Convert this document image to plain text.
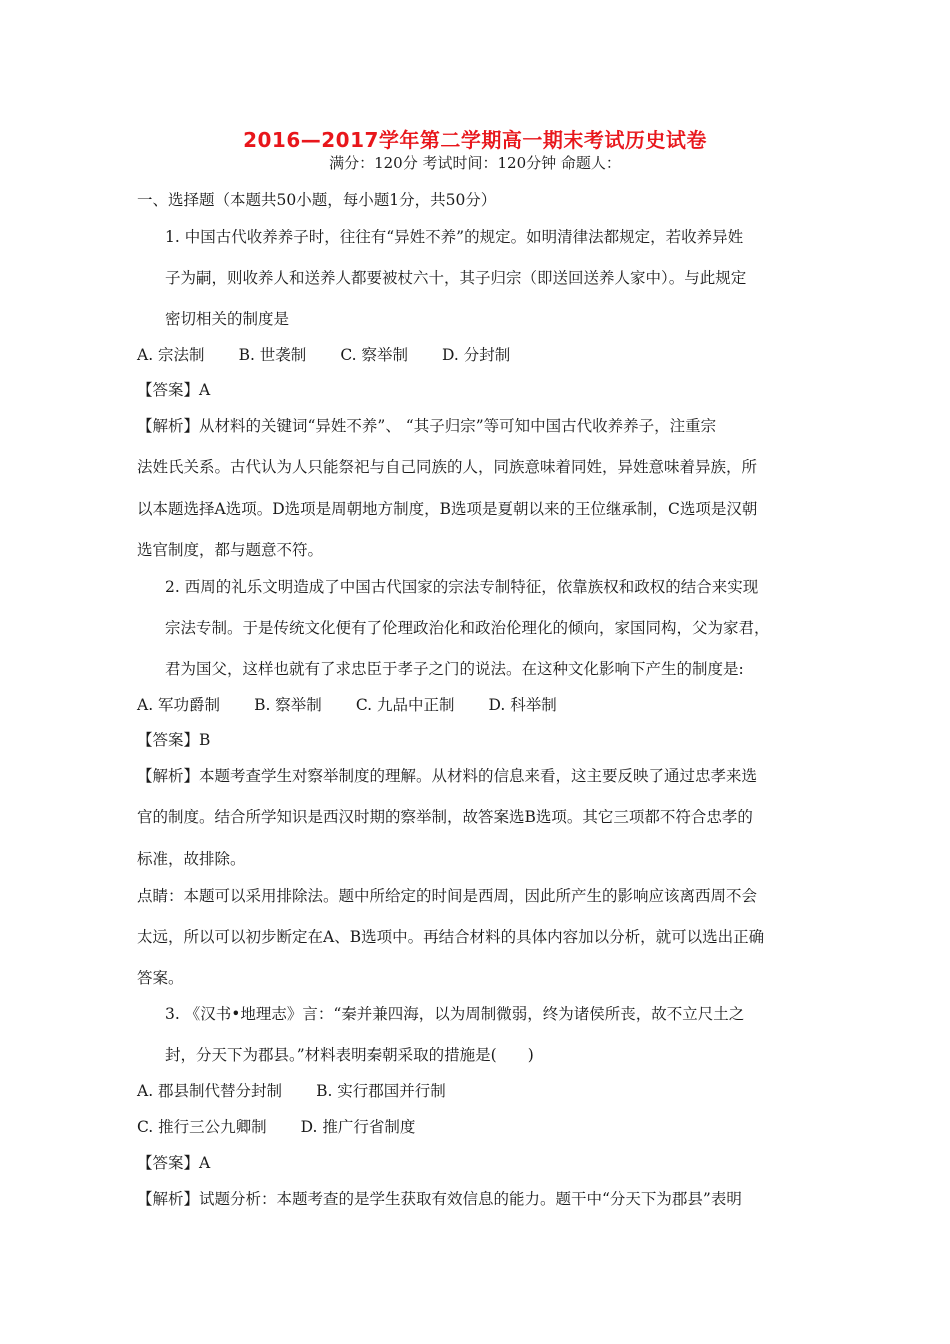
2016—2017学年第二学期高一期末考试历史试卷
满分：120分 考试时间：120分钟 命题人：
一、选择题（本题共50小题，每小题1分，共50分）
1. 中国古代收养养子时，往往有“异姓不养”的规定。如明清律法都规定，若收养异姓
子为嗣，则收养人和送养人都要被杖六十，其子归宗（即送回送养人家中）。与此规定
密切相关的制度是
A. 宗法制 B. 世袭制 C. 察举制 D. 分封制
【答案】A
【解析】从材料的关键词“异姓不养”、 “其子归宗”等可知中国古代收养养子，注重宗
法姓氏关系。古代认为人只能祭祀与自己同族的人，同族意味着同姓，异姓意味着异族，所
以本题选择A选项。D选项是周朝地方制度，B选项是夏朝以来的王位继承制，C选项是汉朝
选官制度，都与题意不符。
2. 西周的礼乐文明造成了中国古代国家的宗法专制特征，依靠族权和政权的结合来实现
宗法专制。于是传统文化便有了伦理政治化和政治伦理化的倾向，家国同构，父为家君，
君为国父，这样也就有了求忠臣于孝子之门的说法。在这种文化影响下产生的制度是:
A. 军功爵制 B. 察举制 C. 九品中正制 D. 科举制
【答案】B
【解析】本题考查学生对察举制度的理解。从材料的信息来看，这主要反映了通过忠孝来选
官的制度。结合所学知识是西汉时期的察举制，故答案选B选项。其它三项都不符合忠孝的
标准，故排除。
点睛：本题可以采用排除法。题中所给定的时间是西周，因此所产生的影响应该离西周不会
太远，所以可以初步断定在A、B选项中。再结合材料的具体内容加以分析，就可以选出正确
答案。
3. 《汉书•地理志》言：“秦并兼四海，以为周制微弱，终为诸侯所丧，故不立尺土之
封，分天下为郡县。”材料表明秦朝采取的措施是(　　)
A. 郡县制代替分封制 B. 实行郡国并行制
C. 推行三公九卿制 D. 推广行省制度
【答案】A
【解析】试题分析：本题考查的是学生获取有效信息的能力。题干中“分天下为郡县”表明
